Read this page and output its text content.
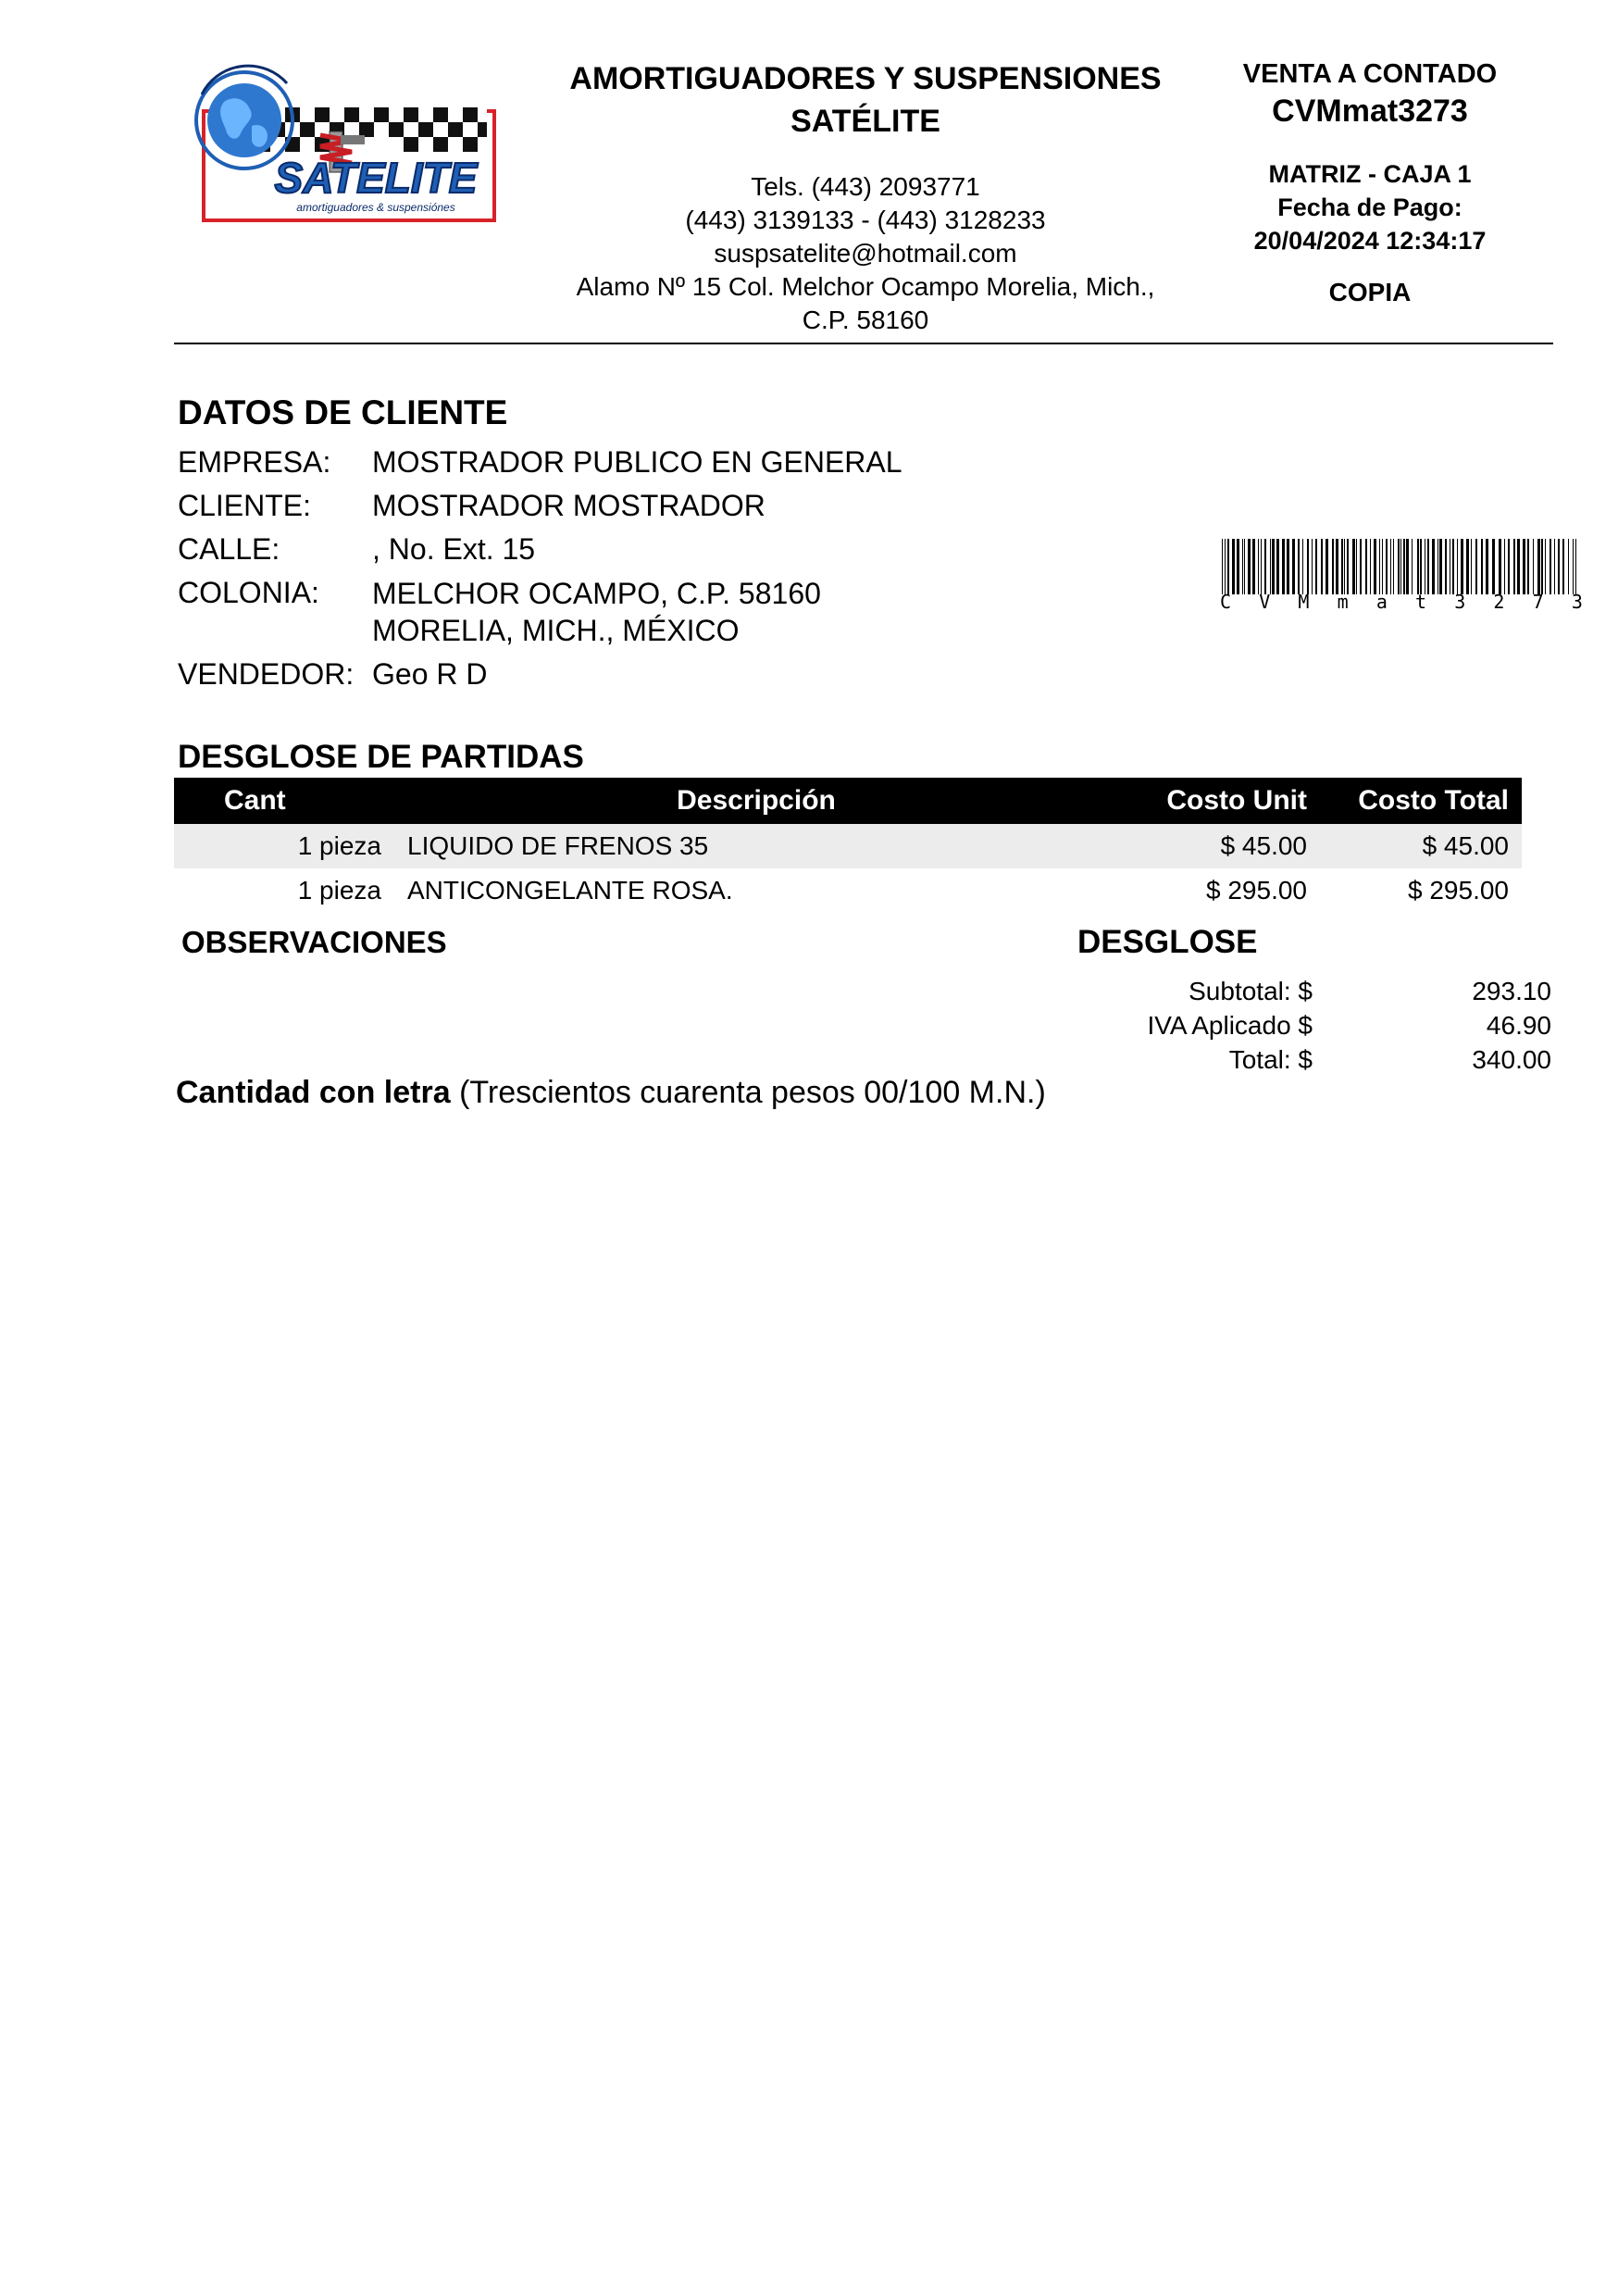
SATELITE
amortiguadores & suspensiónes
AMORTIGUADORES Y SUSPENSIONES
SATÉLITE
Tels. (443) 2093771
(443) 3139133 - (443) 3128233
suspsatelite@hotmail.com
Alamo Nº 15 Col. Melchor Ocampo Morelia, Mich.,
C.P. 58160
VENTA A CONTADO
CVMmat3273
MATRIZ - CAJA 1
Fecha de Pago:
20/04/2024 12:34:17
COPIA
DATOS DE CLIENTE
EMPRESA:	MOSTRADOR PUBLICO EN GENERAL
CLIENTE:	MOSTRADOR MOSTRADOR
CALLE:	, No. Ext. 15
COLONIA:	MELCHOR OCAMPO, C.P. 58160
MORELIA, MICH., MÉXICO
VENDEDOR: Geo R D
C V M m a t 3 2 7 3
DESGLOSE DE PARTIDAS
Cant	Descripción	Costo Unit	Costo Total
1 pieza	LIQUIDO DE FRENOS 35	$ 45.00	$ 45.00
1 pieza	ANTICONGELANTE ROSA.	$ 295.00	$ 295.00
OBSERVACIONES	DESGLOSE
Subtotal: $	293.10
IVA Aplicado $	46.90
Total: $	340.00
Cantidad con letra (Trescientos cuarenta pesos 00/100 M.N.)
